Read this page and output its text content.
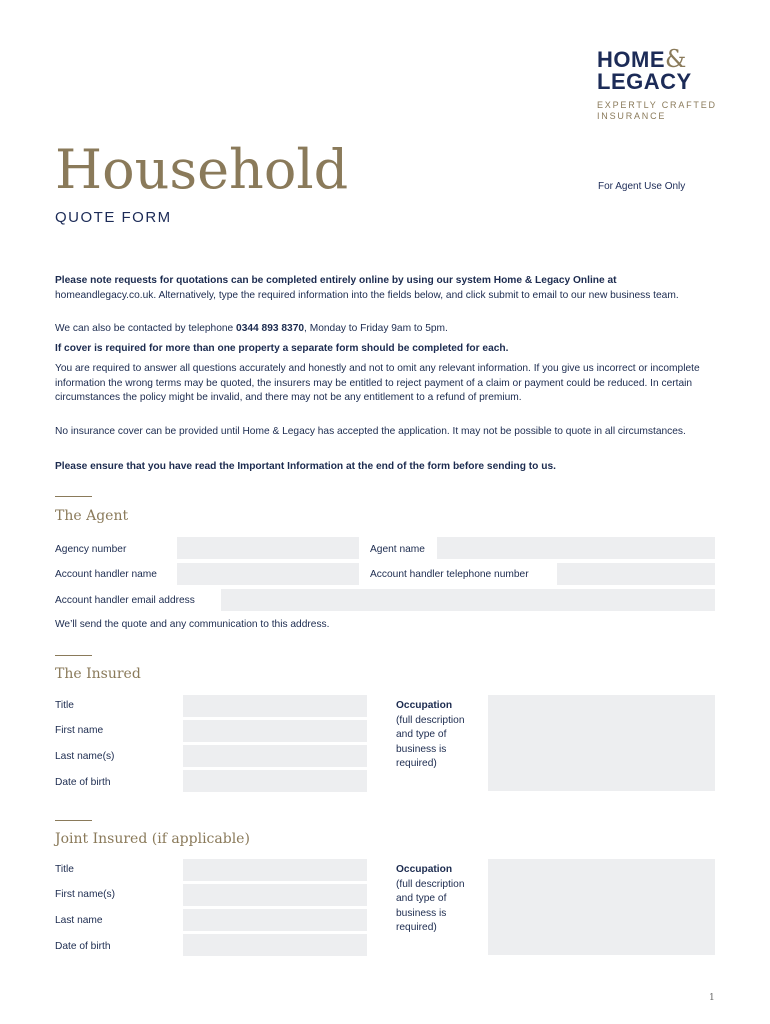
HOME&
LEGACY
EXPERTLY CRAFTED
INSURANCE
Household
QUOTE FORM
For Agent Use Only
Please note requests for quotations can be completed entirely online by using our system Home & Legacy Online at
homeandlegacy.co.uk. Alternatively, type the required information into the fields below, and click submit to email to our new business team.
We can also be contacted by telephone 0344 893 8370, Monday to Friday 9am to 5pm.
If cover is required for more than one property a separate form should be completed for each.
You are required to answer all questions accurately and honestly and not to omit any relevant information. If you give us incorrect or incomplete information the wrong terms may be quoted, the insurers may be entitled to reject payment of a claim or payment could be reduced. In certain circumstances the policy might be invalid, and there may not be any entitlement to a refund of premium.
No insurance cover can be provided until Home & Legacy has accepted the application. It may not be possible to quote in all circumstances.
Please ensure that you have read the Important Information at the end of the form before sending to us.
The Agent
Agency number	Agent name
Account handler name	Account handler telephone number
Account handler email address
We’ll send the quote and any communication to this address.
The Insured
Title
First name
Last name(s)
Date of birth
Occupation
(full description
and type of
business is
required)
Joint Insured (if applicable)
Title
First name(s)
Last name
Date of birth
Occupation
(full description
and type of
business is
required)
1
